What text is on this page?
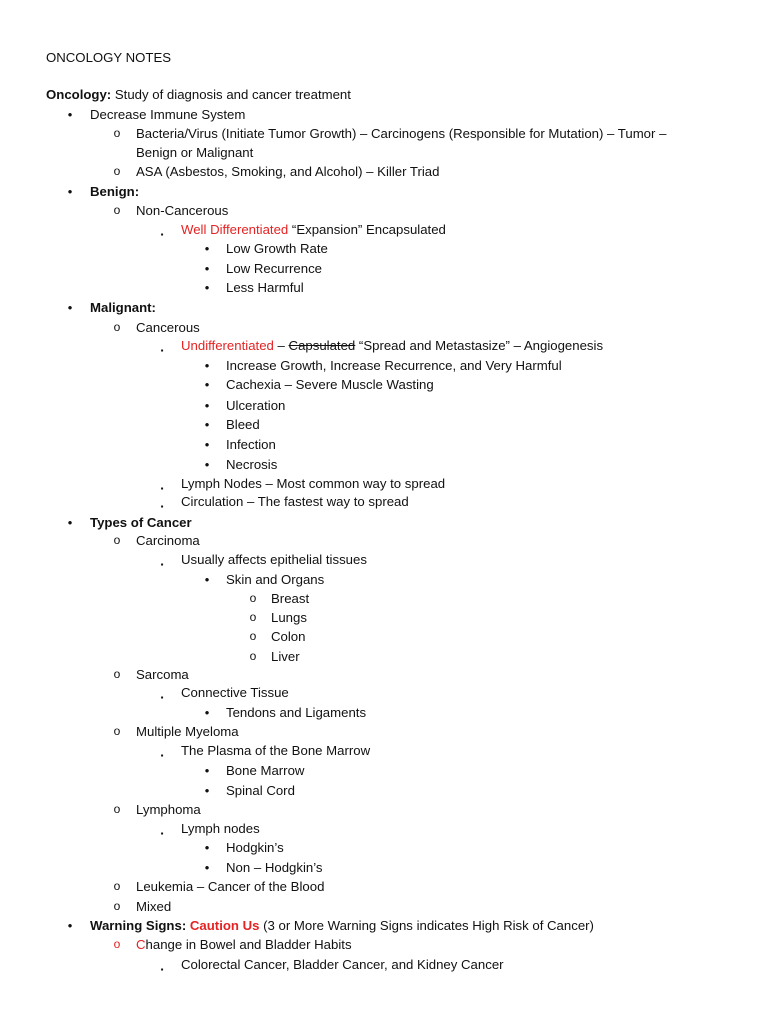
ONCOLOGY NOTES
Oncology: Study of diagnosis and cancer treatment
•	Decrease Immune System
o Bacteria/Virus (Initiate Tumor Growth) – Carcinogens (Responsible for Mutation) – Tumor –
Benign or Malignant
o ASA (Asbestos, Smoking, and Alcohol) – Killer Triad
•	Benign:
o Non-Cancerous
$_▪$	Well Differentiated “Expansion” Encapsulated
•	Low Growth Rate
•	Low Recurrence
•	Less Harmful
•	Malignant:
o Cancerous
$_▪$	Undifferentiated – Capsulated “Spread and Metastasize” – Angiogenesis
•	Increase Growth, Increase Recurrence, and Very Harmful
•	Cachexia – Severe Muscle Wasting
•	Ulceration
•	Bleed
•	Infection
•	Necrosis
$_▪$	Lymph Nodes – Most common way to spread
$_▪$	Circulation – The fastest way to spread
•	Types of Cancer
o Carcinoma
$_▪$	Usually affects epithelial tissues
•	Skin and Organs
o Breast
o Lungs
o Colon
o Liver
o Sarcoma
$_▪$	Connective Tissue
•	Tendons and Ligaments
o Multiple Myeloma
$_▪$	The Plasma of the Bone Marrow
•	Bone Marrow
•	Spinal Cord
o Lymphoma
$_▪$	Lymph nodes
•	Hodgkin’s
•	Non – Hodgkin’s
o Leukemia – Cancer of the Blood
o Mixed
•	Warning Signs: Caution Us (3 or More Warning Signs indicates High Risk of Cancer)
o Change in Bowel and Bladder Habits
$_▪$	Colorectal Cancer, Bladder Cancer, and Kidney Cancer
